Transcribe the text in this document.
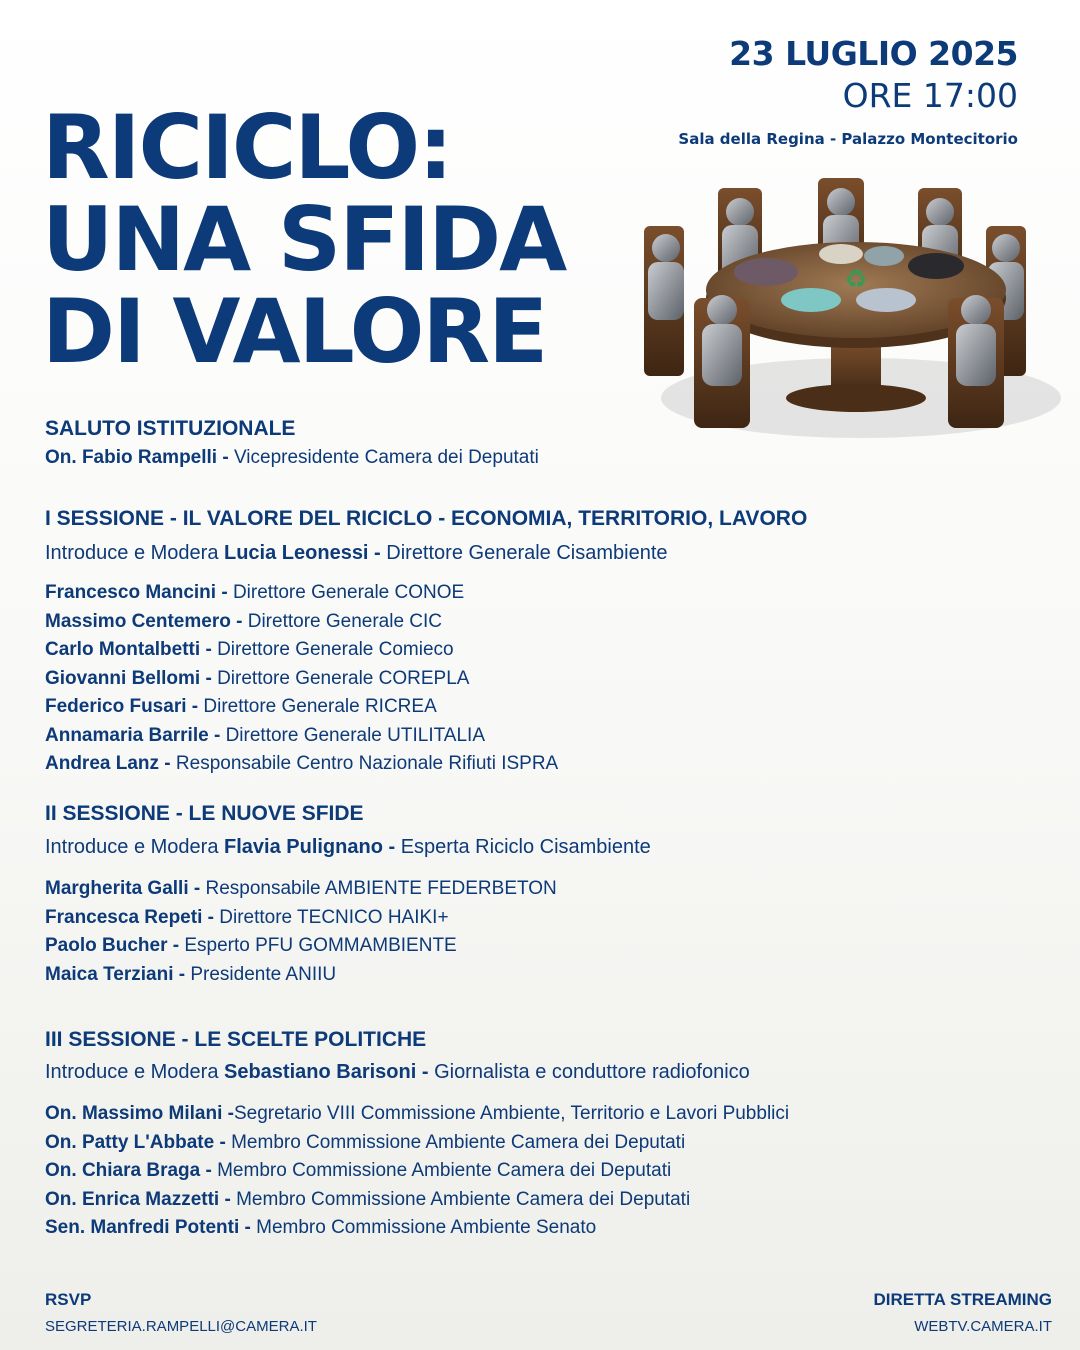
23 LUGLIO 2025
ORE 17:00
Sala della Regina - Palazzo Montecitorio
RICICLO:
UNA SFIDA
DI VALORE	♻
SALUTO ISTITUZIONALE
On. Fabio Rampelli - Vicepresidente Camera dei Deputati
I SESSIONE - IL VALORE DEL RICICLO - ECONOMIA, TERRITORIO, LAVORO
Introduce e Modera Lucia Leonessi - Direttore Generale Cisambiente
Francesco Mancini - Direttore Generale CONOE
Massimo Centemero - Direttore Generale CIC
Carlo Montalbetti - Direttore Generale Comieco
Giovanni Bellomi - Direttore Generale COREPLA
Federico Fusari - Direttore Generale RICREA
Annamaria Barrile - Direttore Generale UTILITALIA
Andrea Lanz - Responsabile Centro Nazionale Rifiuti ISPRA
II SESSIONE - LE NUOVE SFIDE
Introduce e Modera Flavia Pulignano - Esperta Riciclo Cisambiente
Margherita Galli - Responsabile AMBIENTE FEDERBETON
Francesca Repeti - Direttore TECNICO HAIKI+
Paolo Bucher - Esperto PFU GOMMAMBIENTE
Maica Terziani - Presidente ANIIU
III SESSIONE - LE SCELTE POLITICHE
Introduce e Modera Sebastiano Barisoni - Giornalista e conduttore radiofonico
On. Massimo Milani -Segretario VIII Commissione Ambiente, Territorio e Lavori Pubblici
On. Patty L'Abbate - Membro Commissione Ambiente Camera dei Deputati
On. Chiara Braga - Membro Commissione Ambiente Camera dei Deputati
On. Enrica Mazzetti - Membro Commissione Ambiente Camera dei Deputati
Sen. Manfredi Potenti - Membro Commissione Ambiente Senato
RSVP
SEGRETERIA.RAMPELLI@CAMERA.IT
DIRETTA STREAMING
WEBTV.CAMERA.IT
